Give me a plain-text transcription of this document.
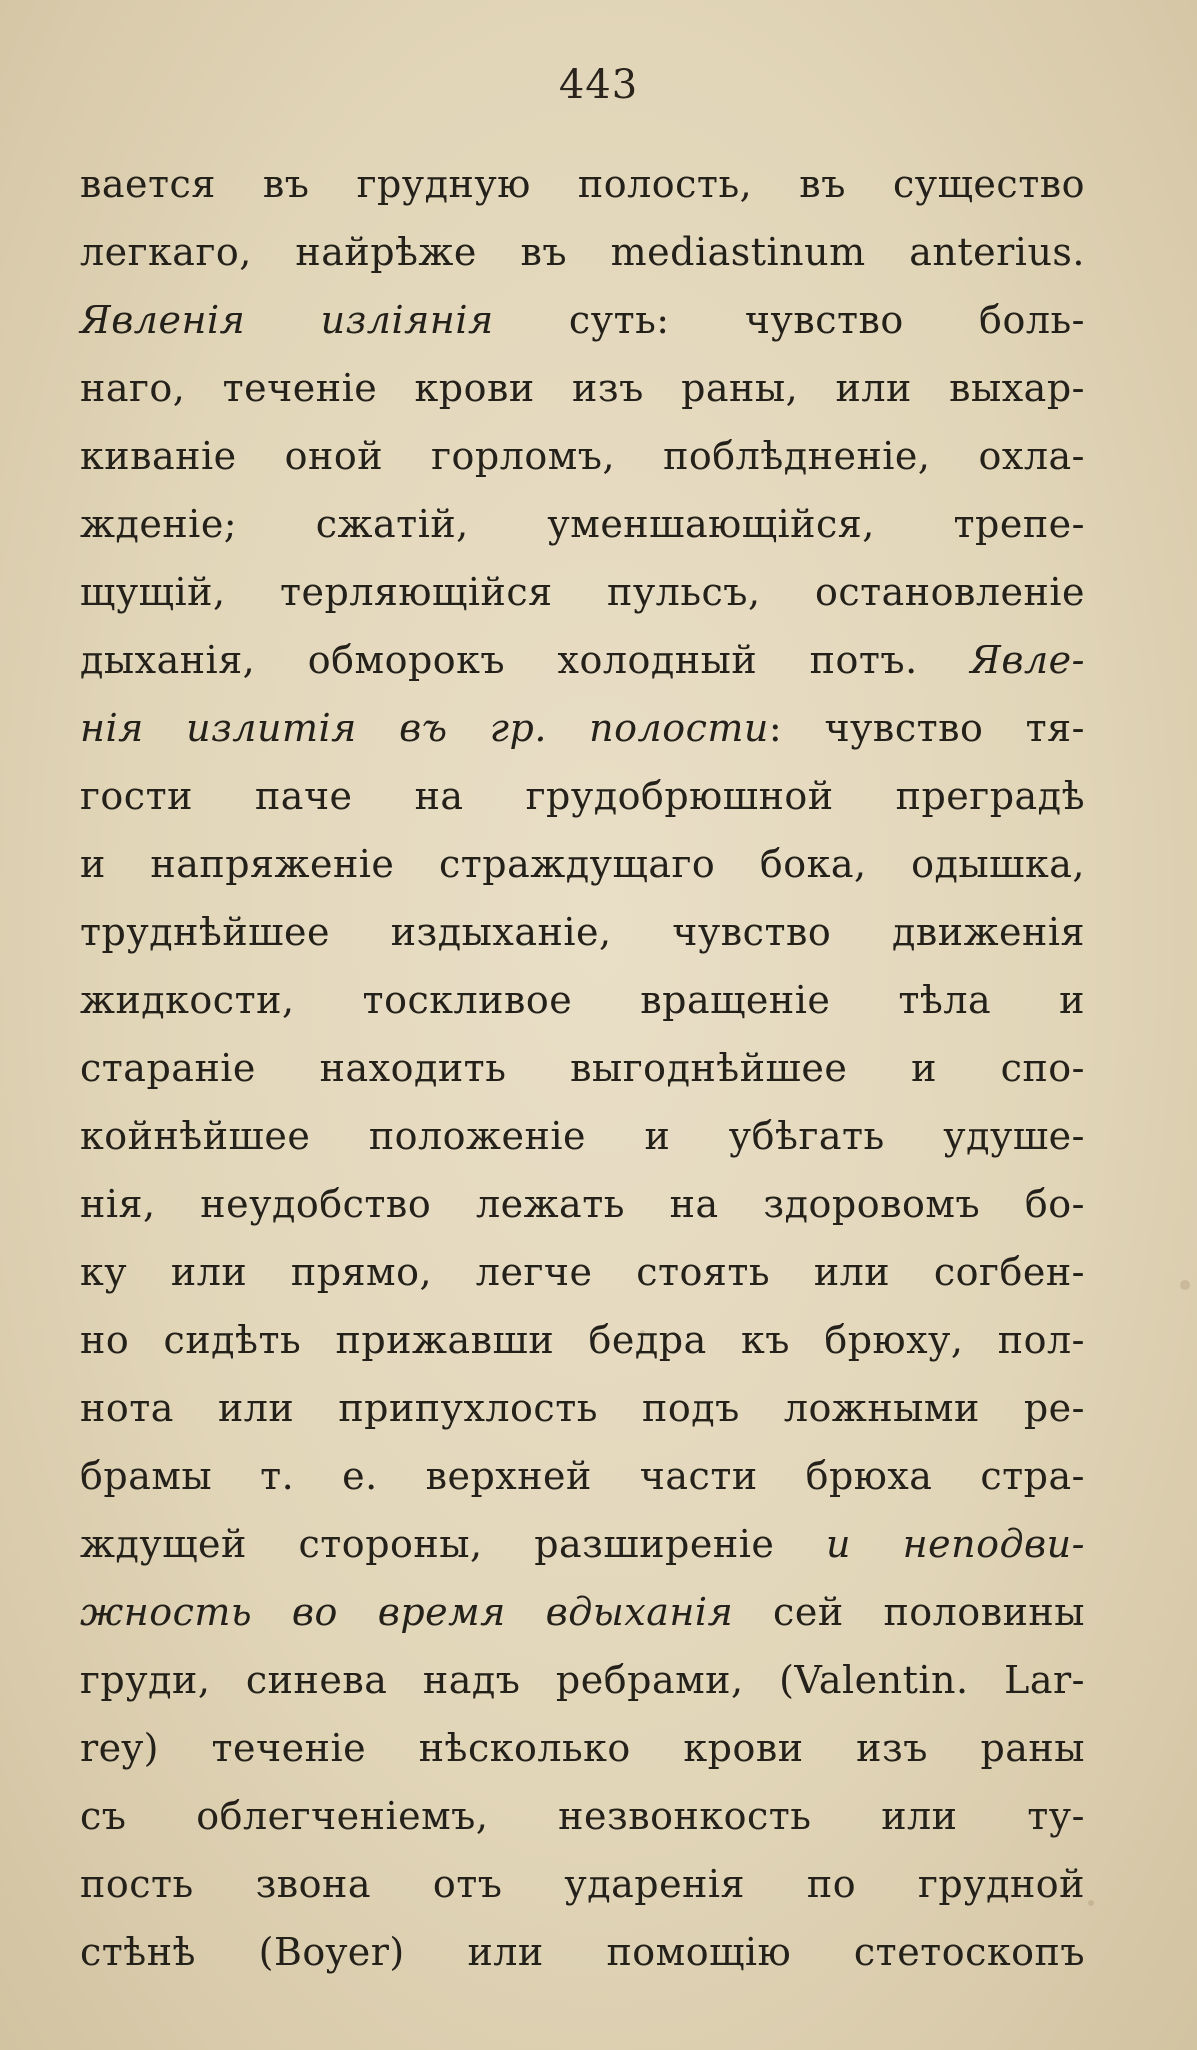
443
вается въ грудную полость, въ существо
легкаго, найрѣже въ mediastinum anterius.
Явленія изліянія суть: чувство боль-
наго, теченіе крови изъ раны, или выхар-
киваніе оной горломъ, поблѣдненіе, охла-
жденіе; сжатій, уменшающійся, трепе-
щущій, терляющійся пульсъ, остановленіе
дыханія, обморокъ холодный потъ. Явле-
нія излитія въ гр. полости: чувство тя-
гости паче на грудобрюшной преградѣ
и напряженіе страждущаго бока, одышка,
труднѣйшее издыханіе, чувство движенія
жидкости, тоскливое вращеніе тѣла и
стараніе находить выгоднѣйшее и спо-
койнѣйшее положеніе и убѣгать удуше-
нія, неудобство лежать на здоровомъ бо-
ку или прямо, легче стоять или согбен-
но сидѣть прижавши бедра къ брюху, пол-
нота или припухлость подъ ложными ре-
брамы т. е. верхней части брюха стра-
ждущей стороны, разширеніе и неподви-
жность во время вдыханія сей половины
груди, синева надъ ребрами, (Valentin. Lar-
rey) теченіе нѣсколько крови изъ раны
съ облегченіемъ, незвонкость или ту-
пость звона отъ ударенія по грудной
стѣнѣ (Boyer) или помощію стетоскопъ
